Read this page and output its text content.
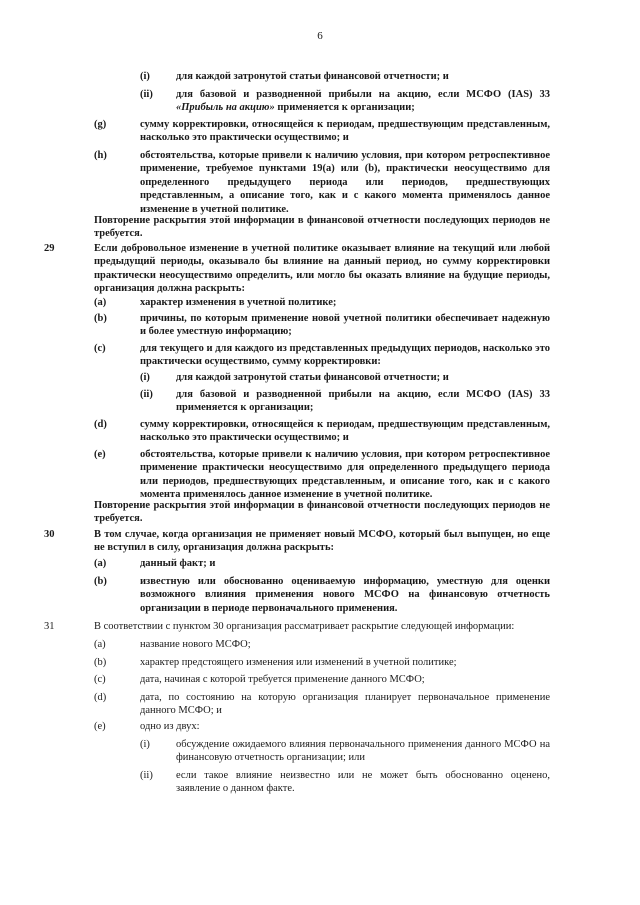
6
(i) для каждой затронутой статьи финансовой отчетности; и
(ii) для базовой и разводненной прибыли на акцию, если МСФО (IAS) 33 «Прибыль на акцию» применяется к организации;
(g)	сумму корректировки, относящейся к периодам, предшествующим представленным, насколько это практически осуществимо; и
(h)	обстоятельства, которые привели к наличию условия, при котором ретроспективное применение, требуемое пунктами 19(a) или (b), практически неосуществимо для определенного предыдущего периода или периодов, предшествующих представленным, а описание того, как и с какого момента применялось данное изменение в учетной политике.
Повторение раскрытия этой информации в финансовой отчетности последующих периодов не требуется.
29	Если добровольное изменение в учетной политике оказывает влияние на текущий или любой предыдущий периоды, оказывало бы влияние на данный период, но сумму корректировки практически неосуществимо определить, или могло бы оказать влияние на будущие периоды, организация должна раскрыть:
(a)	характер изменения в учетной политике;
(b)	причины, по которым применение новой учетной политики обеспечивает надежную и более уместную информацию;
(c)	для текущего и для каждого из представленных предыдущих периодов, насколько это практически осуществимо, сумму корректировки:
(i) для каждой затронутой статьи финансовой отчетности; и
(ii) для базовой и разводненной прибыли на акцию, если МСФО (IAS) 33 применяется к организации;
(d)	сумму корректировки, относящейся к периодам, предшествующим представленным, насколько это практически осуществимо; и
(e)	обстоятельства, которые привели к наличию условия, при котором ретроспективное применение практически неосуществимо для определенного предыдущего периода или периодов, предшествующих представленным, и описание того, как и с какого момента применялось данное изменение в учетной политике.
Повторение раскрытия этой информации в финансовой отчетности последующих периодов не требуется.
30	В том случае, когда организация не применяет новый МСФО, который был выпущен, но еще не вступил в силу, организация должна раскрыть:
(a)	данный факт; и
(b)	известную или обоснованно оцениваемую информацию, уместную для оценки возможного влияния применения нового МСФО на финансовую отчетность организации в периоде первоначального применения.
31	В соответствии с пунктом 30 организация рассматривает раскрытие следующей информации:
(a)	название нового МСФО;
(b)	характер предстоящего изменения или изменений в учетной политике;
(c)	дата, начиная с которой требуется применение данного МСФО;
(d)	дата, по состоянию на которую организация планирует первоначальное применение данного МСФО; и
(e)	одно из двух:
(i) обсуждение ожидаемого влияния первоначального применения данного МСФО на финансовую отчетность организации; или
(ii) если такое влияние неизвестно или не может быть обоснованно оценено, заявление о данном факте.
